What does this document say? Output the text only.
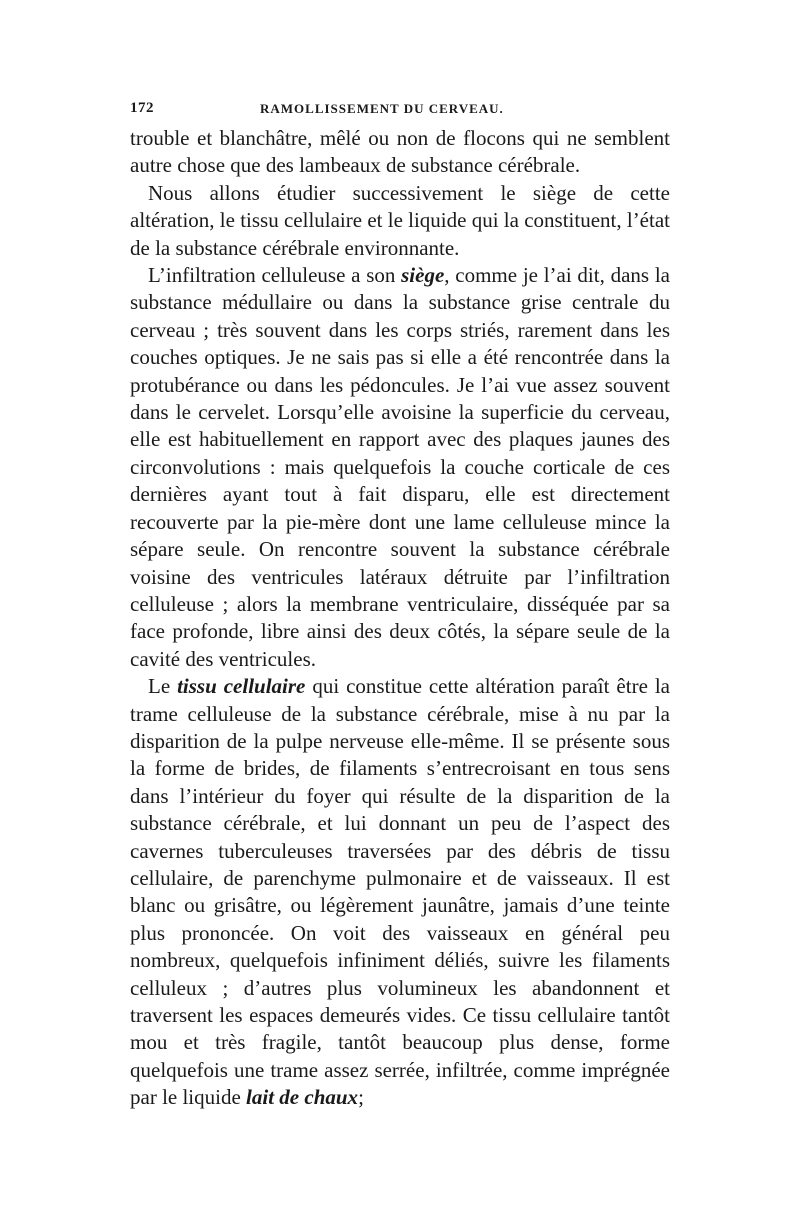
172	RAMOLLISSEMENT DU CERVEAU.

trouble et blanchâtre, mêlé ou non de flocons qui ne semblent autre chose que des lambeaux de substance cérébrale.

Nous allons étudier successivement le siège de cette altération, le tissu cellulaire et le liquide qui la constituent, l’état de la substance cérébrale environnante.

L’infiltration celluleuse a son siège, comme je l’ai dit, dans la substance médullaire ou dans la substance grise centrale du cerveau ; très souvent dans les corps striés, rarement dans les couches optiques. Je ne sais pas si elle a été rencontrée dans la protubérance ou dans les pédoncules. Je l’ai vue assez souvent dans le cervelet. Lorsqu’elle avoisine la superficie du cerveau, elle est habituellement en rapport avec des plaques jaunes des circonvolutions : mais quelquefois la couche corticale de ces dernières ayant tout à fait disparu, elle est directement recouverte par la pie-mère dont une lame celluleuse mince la sépare seule. On rencontre souvent la substance cérébrale voisine des ventricules latéraux détruite par l’infiltration celluleuse ; alors la membrane ventriculaire, disséquée par sa face profonde, libre ainsi des deux côtés, la sépare seule de la cavité des ventricules.

Le tissu cellulaire qui constitue cette altération paraît être la trame celluleuse de la substance cérébrale, mise à nu par la disparition de la pulpe nerveuse elle-même. Il se présente sous la forme de brides, de filaments s’entrecroisant en tous sens dans l’intérieur du foyer qui résulte de la disparition de la substance cérébrale, et lui donnant un peu de l’aspect des cavernes tuberculeuses traversées par des débris de tissu cellulaire, de parenchyme pulmonaire et de vaisseaux. Il est blanc ou grisâtre, ou légèrement jaunâtre, jamais d’une teinte plus prononcée. On voit des vaisseaux en général peu nombreux, quelquefois infiniment déliés, suivre les filaments celluleux ; d’autres plus volumineux les abandonnent et traversent les espaces demeurés vides. Ce tissu cellulaire tantôt mou et très fragile, tantôt beaucoup plus dense, forme quelquefois une trame assez serrée, infiltrée, comme imprégnée par le liquide lait de chaux;
